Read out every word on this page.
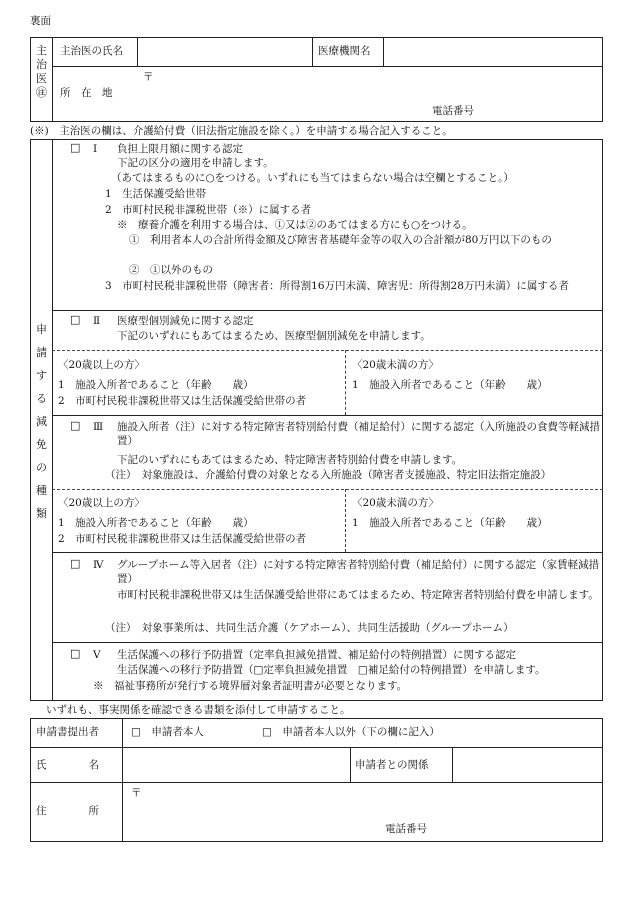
裏面
主
治
医
㊟
主治医の氏名	医療機関名
所　在　地
〒
電話番号
(※)　主治医の欄は、介護給付費（旧法指定施設を除く。）を申請する場合記入すること。
申
請
す
る
減
免
の
種
類
□ Ⅰ 負担上限月額に関する認定
下記の区分の適用を申請します。
（あてはまるものに○をつける。いずれにも当てはまらない場合は空欄とすること。）
1　生活保護受給世帯
2　市町村民税非課税世帯（※）に属する者
※　療養介護を利用する場合は、①又は②のあてはまる方にも○をつける。
①　利用者本人の合計所得金額及び障害者基礎年金等の収入の合計額が80万円以下のもの
②　①以外のもの
3　市町村民税非課税世帯（障害者：所得割16万円未満、障害児：所得割28万円未満）に属する者
□ Ⅱ 医療型個別減免に関する認定
下記のいずれにもあてはまるため、医療型個別減免を申請します。
〈20歳以上の方〉
1　施設入所者であること（年齢　　歳）
2　市町村民税非課税世帯又は生活保護受給世帯の者
〈20歳未満の方〉
1　施設入所者であること（年齢　　歳）
□ Ⅲ 施設入所者（注）に対する特定障害者特別給付費（補足給付）に関する認定（入所施設の食費等軽減措置）
下記のいずれにもあてはまるため、特定障害者特別給付費を申請します。
（注）　対象施設は、介護給付費の対象となる入所施設（障害者支援施設、特定旧法指定施設）
〈20歳以上の方〉
1　施設入所者であること（年齢　　歳）
2　市町村民税非課税世帯又は生活保護受給世帯の者
〈20歳未満の方〉
1　施設入所者であること（年齢　　歳）
□ Ⅳ グループホーム等入居者（注）に対する特定障害者特別給付費（補足給付）に関する認定（家賃軽減措置）
市町村民税非課税世帯又は生活保護受給世帯にあてはまるため、特定障害者特別給付費を申請します。
（注）　対象事業所は、共同生活介護（ケアホーム）、共同生活援助（グループホーム）
□ Ⅴ 生活保護への移行予防措置（定率負担減免措置、補足給付の特例措置）に関する認定
生活保護への移行予防措置（□定率負担減免措置　□補足給付の特例措置）を申請します。
※　福祉事務所が発行する境界層対象者証明書が必要となります。
いずれも、事実関係を確認できる書類を添付して申請すること。
申請書提出者	□　申請者本人	□　申請者本人以外（下の欄に記入）
氏　　　　名	申請者との関係
住　　　　所
〒
電話番号
